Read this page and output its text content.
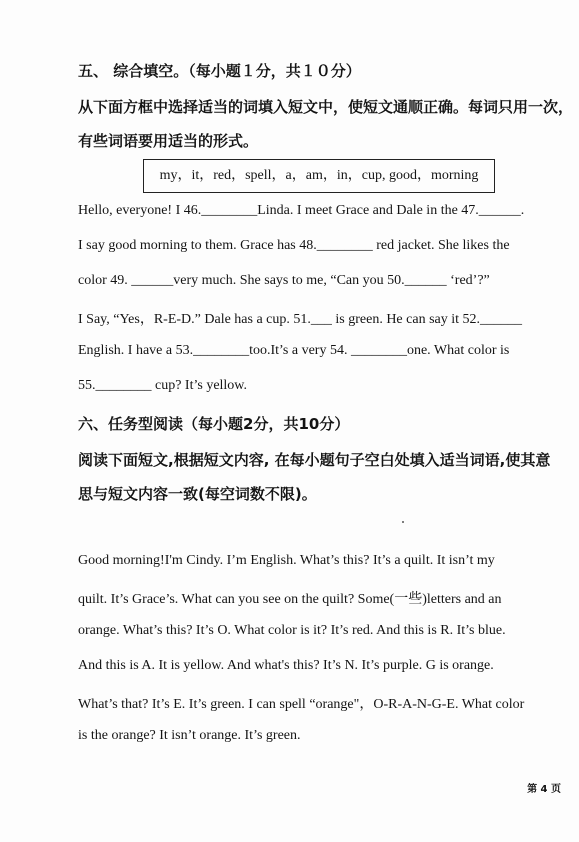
五、 综合填空。（每小题１分，共１０分）
从下面方框中选择适当的词填入短文中，使短文通顺正确。每词只用一次，
有些词语要用适当的形式。
my，it，red，spell，a，am，in，cup, good，morning
Hello, everyone! I 46.________Linda. I meet Grace and Dale in the 47.______.
I say good morning to them. Grace has 48.________ red jacket. She likes the
color 49. ______very much. She says to me, “Can you 50.______ ‘red’?”
I Say, “Yes，R-E-D.” Dale has a cup. 51.___ is green. He can say it 52.______
English. I have a 53.________too.It’s a very 54. ________one. What color is
55.________ cup? It’s yellow.
六、任务型阅读（每小题2分，共10分）
阅读下面短文,根据短文内容, 在每小题句子空白处填入适当词语,使其意
思与短文内容一致(每空词数不限)。
Good morning!I'm Cindy. I’m English. What’s this? It’s a quilt. It isn’t my
quilt. It’s Grace’s. What can you see on the quilt? Some(一些)letters and an
orange. What’s this? It’s O. What color is it? It’s red. And this is R. It’s blue.
And this is A. It is yellow. And what's this? It’s N. It’s purple. G is orange.
What’s that? It’s E. It’s green. I can spell “orange"，O-R-A-N-G-E. What color
is the orange? It isn’t orange. It’s green.
第 4 页
